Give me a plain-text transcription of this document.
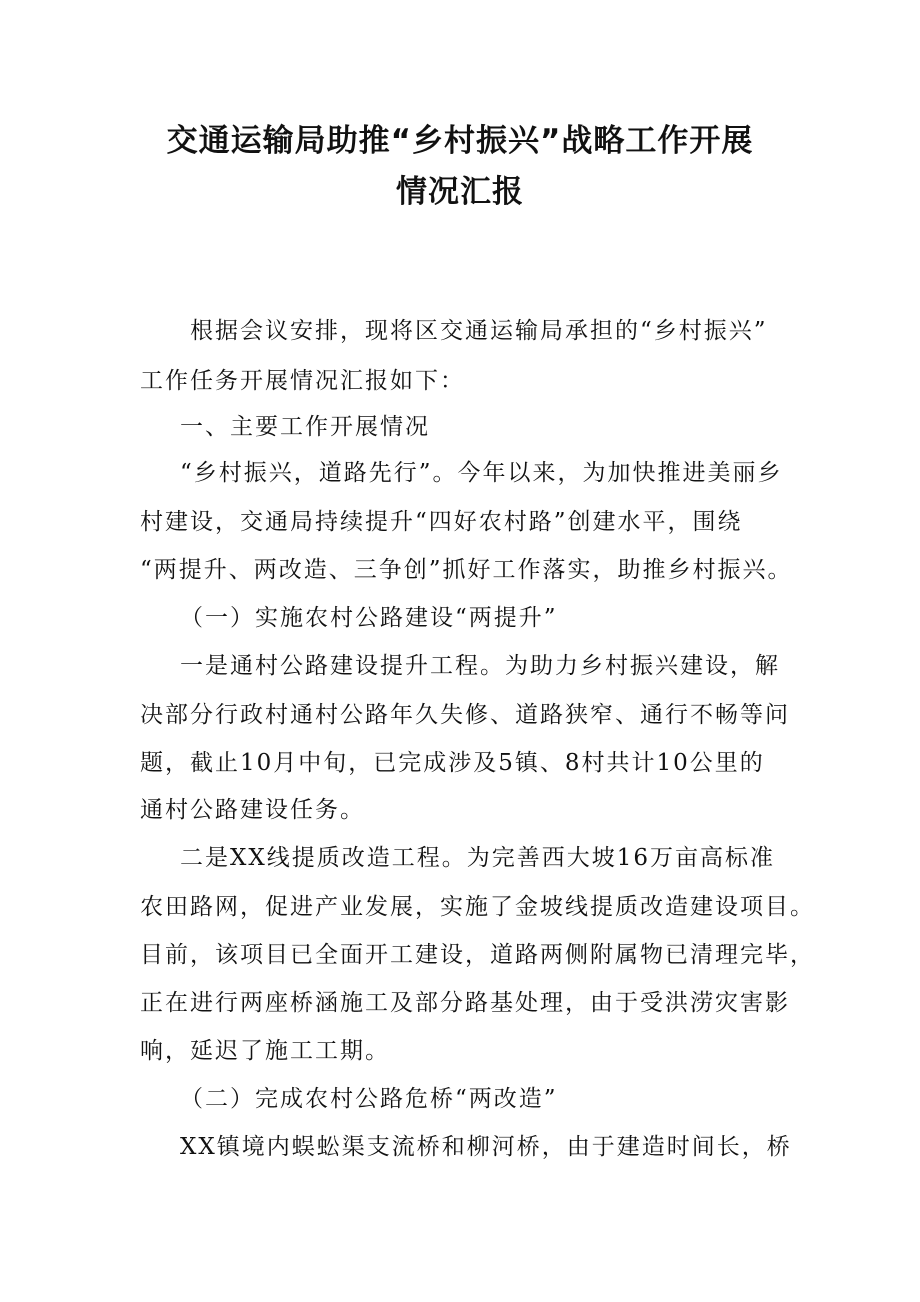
交通运输局助推“乡村振兴”战略工作开展
情况汇报
根据会议安排，现将区交通运输局承担的“乡村振兴”
工作任务开展情况汇报如下：
一、主要工作开展情况
“乡村振兴，道路先行”。今年以来，为加快推进美丽乡
村建设，交通局持续提升“四好农村路”创建水平，围绕
“两提升、两改造、三争创”抓好工作落实，助推乡村振兴。
（一）实施农村公路建设“两提升”
一是通村公路建设提升工程。为助力乡村振兴建设，解
决部分行政村通村公路年久失修、道路狭窄、通行不畅等问
题，截止10月中旬，已完成涉及5镇、8村共计10公里的
通村公路建设任务。
二是XX线提质改造工程。为完善西大坡16万亩高标准
农田路网，促进产业发展，实施了金坡线提质改造建设项目。
目前，该项目已全面开工建设，道路两侧附属物已清理完毕，
正在进行两座桥涵施工及部分路基处理，由于受洪涝灾害影
响，延迟了施工工期。
（二）完成农村公路危桥“两改造”
XX镇境内蜈蚣渠支流桥和柳河桥，由于建造时间长，桥
